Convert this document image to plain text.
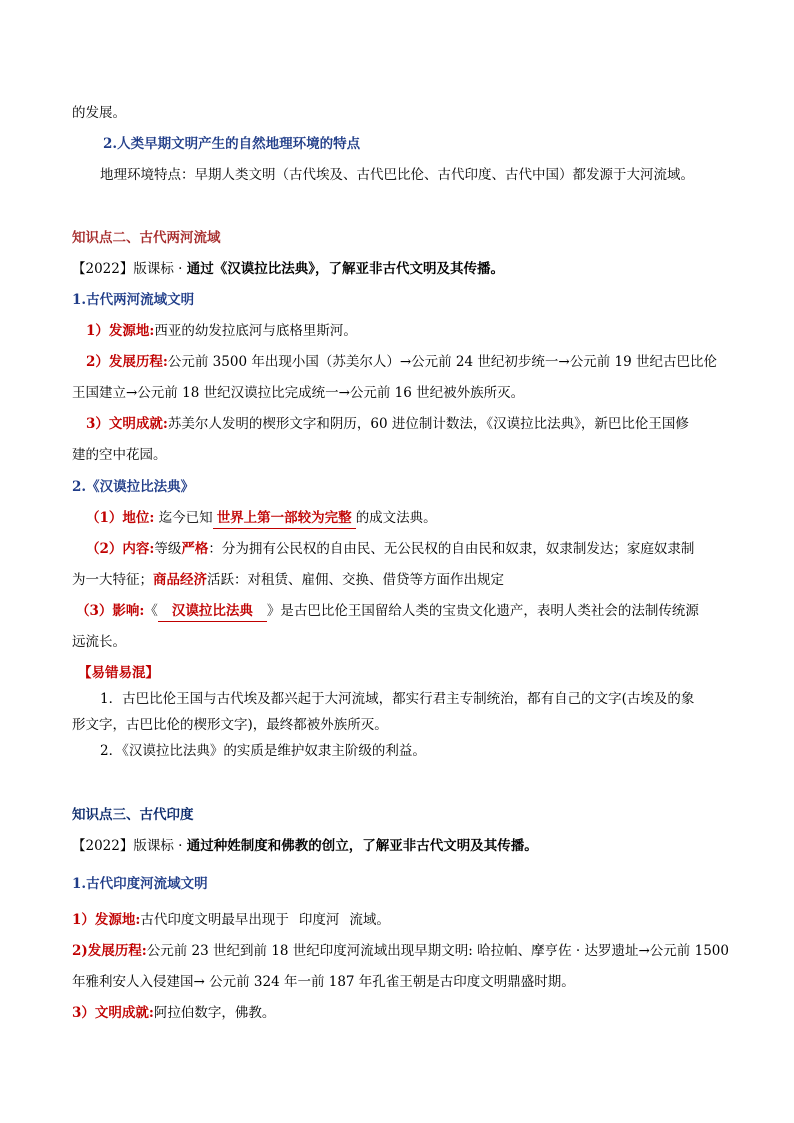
的发展。
2.人类早期文明产生的自然地理环境的特点
地理环境特点：早期人类文明（古代埃及、古代巴比伦、古代印度、古代中国）都发源于大河流域。
知识点二、古代两河流域
【2022】版课标 · 通过《汉谟拉比法典》，了解亚非古代文明及其传播。
1.古代两河流域文明
1）发源地:西亚的幼发拉底河与底格里斯河。
2）发展历程:公元前 3500 年出现小国（苏美尔人）→公元前 24 世纪初步统一→公元前 19 世纪古巴比伦
王国建立→公元前 18 世纪汉谟拉比完成统一→公元前 16 世纪被外族所灭。
3）文明成就:苏美尔人发明的楔形文字和阴历，60 进位制计数法，《汉谟拉比法典》，新巴比伦王国修
建的空中花园。
2.《汉谟拉比法典》
（1）地位: 迄今已知 世界上第一部较为完整 的成文法典。
（2）内容:等级严格：分为拥有公民权的自由民、无公民权的自由民和奴隶，奴隶制发达；家庭奴隶制
为一大特征；商品经济活跃：对租赁、雇佣、交换、借贷等方面作出规定
（3）影响:《 汉谟拉比法典 》是古巴比伦王国留给人类的宝贵文化遗产，表明人类社会的法制传统源
远流长。
【易错易混】
1．古巴比伦王国与古代埃及都兴起于大河流域，都实行君主专制统治，都有自己的文字(古埃及的象
形文字，古巴比伦的楔形文字)，最终都被外族所灭。
2．《汉谟拉比法典》的实质是维护奴隶主阶级的利益。
知识点三、古代印度
【2022】版课标 · 通过种姓制度和佛教的创立，了解亚非古代文明及其传播。
1.古代印度河流域文明
1）发源地:古代印度文明最早出现于 印度河 流域。
2)发展历程:公元前 23 世纪到前 18 世纪印度河流域出现早期文明: 哈拉帕、摩亨佐 · 达罗遗址→公元前 1500
年雅利安人入侵建国→ 公元前 324 年一前 187 年孔雀王朝是古印度文明鼎盛时期。
3）文明成就:阿拉伯数字，佛教。
